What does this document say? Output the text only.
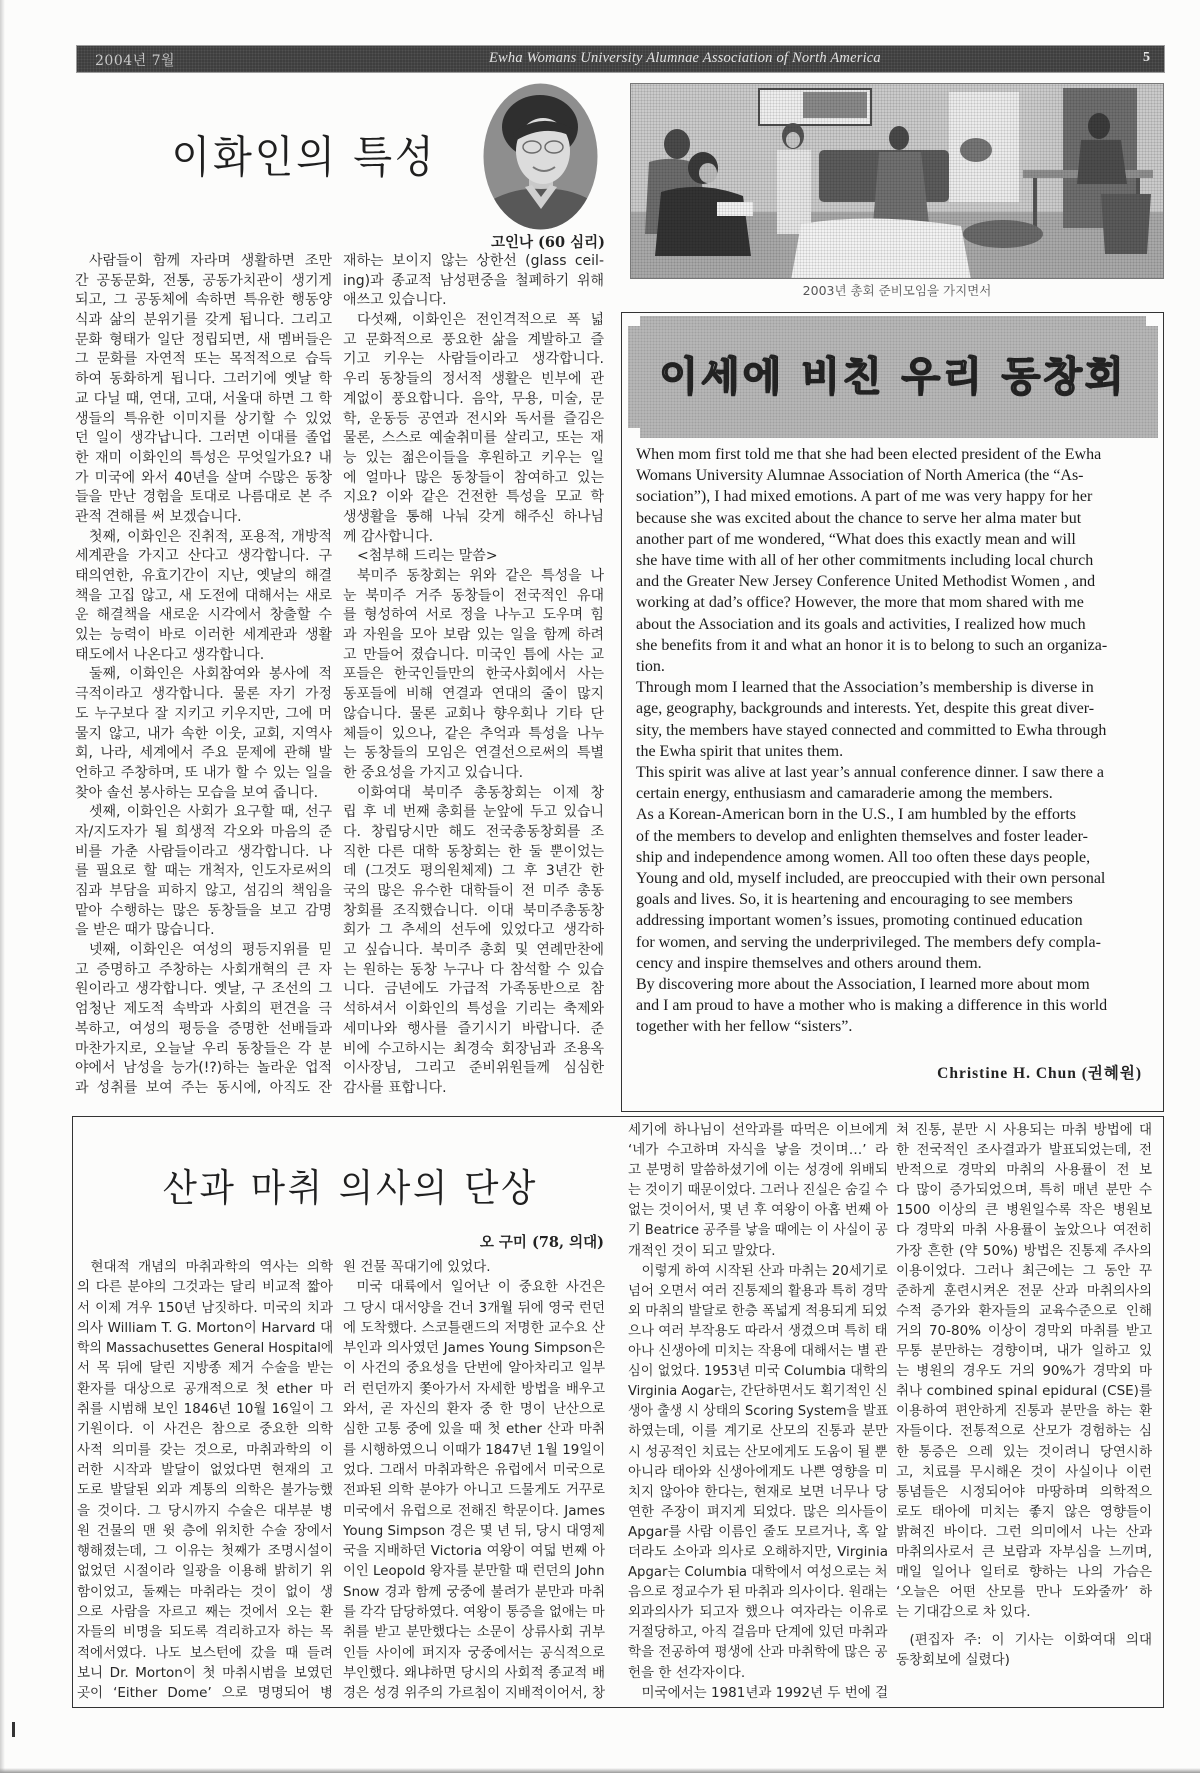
2004년 7월	Ewha Womans University Alumnae Association of North America	5
이화인의 특성
고인나 (60 심리)
사람들이 함께 자라며 생활하면 조만
간 공동문화, 전통, 공동가치관이 생기게
되고, 그 공동체에 속하면 특유한 행동양
식과 삶의 분위기를 갖게 됩니다. 그리고
문화 형태가 일단 정립되면, 새 멤버들은
그 문화를 자연적 또는 목적적으로 습득
하여 동화하게 됩니다. 그러기에 옛날 학
교 다닐 때, 연대, 고대, 서울대 하면 그 학
생들의 특유한 이미지를 상기할 수 있었
던 일이 생각납니다. 그러면 이대를 졸업
한 재미 이화인의 특성은 무엇일가요? 내
가 미국에 와서 40년을 살며 수많은 동창
들을 만난 경험을 토대로 나름대로 본 주
관적 견해를 써 보겠습니다.
첫째, 이화인은 진취적, 포용적, 개방적
세계관을 가지고 산다고 생각합니다. 구
태의연한, 유효기간이 지난, 옛날의 해결
책을 고집 않고, 새 도전에 대해서는 새로
운 해결책을 새로운 시각에서 창출할 수
있는 능력이 바로 이러한 세계관과 생활
태도에서 나온다고 생각합니다.
둘째, 이화인은 사회참여와 봉사에 적
극적이라고 생각합니다. 물론 자기 가정
도 누구보다 잘 지키고 키우지만, 그에 머
물지 않고, 내가 속한 이웃, 교회, 지역사
회, 나라, 세계에서 주요 문제에 관해 발
언하고 주창하며, 또 내가 할 수 있는 일을
찾아 솔선 봉사하는 모습을 보여 줍니다.
셋째, 이화인은 사회가 요구할 때, 선구
자/지도자가 될 희생적 각오와 마음의 준
비를 가춘 사람들이라고 생각합니다. 나
를 필요로 할 때는 개척자, 인도자로써의
짐과 부담을 피하지 않고, 섬김의 책임을
맡아 수행하는 많은 동창들을 보고 감명
을 받은 때가 많습니다.
넷째, 이화인은 여성의 평등지위를 믿
고 증명하고 주창하는 사회개혁의 큰 자
원이라고 생각합니다. 옛날, 구 조선의 그
엄청난 제도적 속박과 사회의 편견을 극
복하고, 여성의 평등을 증명한 선배들과
마찬가지로, 오늘날 우리 동창들은 각 분
야에서 남성을 능가(!?)하는 놀라운 업적
과 성취를 보여 주는 동시에, 아직도 잔
재하는 보이지 않는 상한선 (glass ceil-
ing)과 종교적 남성편중을 철폐하기 위해
애쓰고 있습니다.
다섯째, 이화인은 전인격적으로 폭 넓
고 문화적으로 풍요한 삶을 계발하고 즐
기고 키우는 사람들이라고 생각합니다.
우리 동창들의 정서적 생활은 빈부에 관
계없이 풍요합니다. 음악, 무용, 미술, 문
학, 운동등 공연과 전시와 독서를 즐김은
물론, 스스로 예술취미를 살리고, 또는 재
능 있는 젊은이들을 후원하고 키우는 일
에 얼마나 많은 동창들이 참여하고 있는
지요? 이와 같은 건전한 특성을 모교 학
생생활을 통해 나눠 갖게 해주신 하나님
께 감사합니다.
<첨부해 드리는 말씀>
북미주 동창회는 위와 같은 특성을 나
눈 북미주 거주 동창들이 전국적인 유대
를 형성하여 서로 정을 나누고 도우며 힘
과 자원을 모아 보람 있는 일을 함께 하려
고 만들어 졌습니다. 미국인 틈에 사는 교
포들은 한국인들만의 한국사회에서 사는
동포들에 비해 연결과 연대의 줄이 많지
않습니다. 물론 교회나 향우회나 기타 단
체들이 있으나, 같은 추억과 특성을 나누
는 동창들의 모임은 연결선으로써의 특별
한 중요성을 가지고 있습니다.
이화여대 북미주 총동창회는 이제 창
립 후 네 번째 총회를 눈앞에 두고 있습니
다. 창립당시만 해도 전국총동창회를 조
직한 다른 대학 동창회는 한 둘 뿐이었는
데 (그것도 평의원체제) 그 후 3년간 한
국의 많은 유수한 대학들이 전 미주 총동
창회를 조직했습니다. 이대 북미주총동창
회가 그 추세의 선두에 있었다고 생각하
고 싶습니다. 북미주 총회 및 연례만찬에
는 원하는 동창 누구나 다 참석할 수 있습
니다. 금년에도 가급적 가족동반으로 참
석하셔서 이화인의 특성을 기리는 축제와
세미나와 행사를 즐기시기 바랍니다. 준
비에 수고하시는 최경숙 회장님과 조용옥
이사장님, 그리고 준비위원들께 심심한
감사를 표합니다.
2003년 총회 준비모임을 가지면서
이세에 비친 우리 동창회
When mom first told me that she had been elected president of the Ewha
Womans University Alumnae Association of North America (the “As-
sociation”), I had mixed emotions. A part of me was very happy for her
because she was excited about the chance to serve her alma mater but
another part of me wondered, “What does this exactly mean and will
she have time with all of her other commitments including local church
and the Greater New Jersey Conference United Methodist Women , and
working at dad’s office? However, the more that mom shared with me
about the Association and its goals and activities, I realized how much
she benefits from it and what an honor it is to belong to such an organiza-
tion.
Through mom I learned that the Association’s membership is diverse in
age, geography, backgrounds and interests. Yet, despite this great diver-
sity, the members have stayed connected and committed to Ewha through
the Ewha spirit that unites them.
This spirit was alive at last year’s annual conference dinner. I saw there a
certain energy, enthusiasm and camaraderie among the members.
As a Korean-American born in the U.S., I am humbled by the efforts
of the members to develop and enlighten themselves and foster leader-
ship and independence among women. All too often these days people,
Young and old, myself included, are preoccupied with their own personal
goals and lives. So, it is heartening and encouraging to see members
addressing important women’s issues, promoting continued education
for women, and serving the underprivileged. The members defy compla-
cency and inspire themselves and others around them.
By discovering more about the Association, I learned more about mom
and I am proud to have a mother who is making a difference in this world
together with her fellow “sisters”.
Christine H. Chun (권혜원)
산과 마취 의사의 단상
오 구미 (78, 의대)
현대적 개념의 마취과학의 역사는 의학
의 다른 분야의 그것과는 달리 비교적 짧아
서 이제 겨우 150년 남짓하다. 미국의 치과
의사 William T. G. Morton이 Harvard 대
학의 Massachusettes General Hospital에
서 목 뒤에 달린 지방종 제거 수술을 받는
환자를 대상으로 공개적으로 첫 ether 마
취를 시범해 보인 1846년 10월 16일이 그
기원이다. 이 사건은 참으로 중요한 의학
사적 의미를 갖는 것으로, 마취과학의 이
러한 시작과 발달이 없었다면 현재의 고
도로 발달된 외과 계통의 의학은 불가능했
을 것이다. 그 당시까지 수술은 대부분 병
원 건물의 맨 윗 층에 위치한 수술 장에서
행해졌는데, 그 이유는 첫째가 조명시설이
없었던 시절이라 일광을 이용해 밝히기 위
함이었고, 둘째는 마취라는 것이 없이 생
으로 사람을 자르고 째는 것에서 오는 환
자들의 비명을 되도록 격리하고자 하는 목
적에서였다. 나도 보스턴에 갔을 때 들려
보니 Dr. Morton이 첫 마취시범을 보였던
곳이 ‘Either Dome’ 으로 명명되어 병
원 건물 꼭대기에 있었다.
미국 대륙에서 일어난 이 중요한 사건은
그 당시 대서양을 건너 3개월 뒤에 영국 런던
에 도착했다. 스코틀랜드의 저명한 교수요 산
부인과 의사였던 James Young Simpson은
이 사건의 중요성을 단번에 알아차리고 일부
러 런던까지 쫓아가서 자세한 방법을 배우고
와서, 곧 자신의 환자 중 한 명이 난산으로
심한 고통 중에 있을 때 첫 ether 산과 마취
를 시행하였으니 이때가 1847년 1월 19일이
었다. 그래서 마취과학은 유럽에서 미국으로
전파된 의학 분야가 아니고 드물게도 거꾸로
미국에서 유럽으로 전해진 학문이다. James
Young Simpson 경은 몇 년 뒤, 당시 대영제
국을 지배하던 Victoria 여왕이 여덟 번째 아
이인 Leopold 왕자를 분만할 때 런던의 John
Snow 경과 함께 궁중에 불려가 분만과 마취
를 각각 담당하였다. 여왕이 통증을 없애는 마
취를 받고 분만했다는 소문이 상류사회 귀부
인들 사이에 퍼지자 궁중에서는 공식적으로
부인했다. 왜냐하면 당시의 사회적 종교적 배
경은 성경 위주의 가르침이 지배적이어서, 창
세기에 하나님이 선악과를 따먹은 이브에게
‘네가 수고하며 자식을 낳을 것이며…’ 라
고 분명히 말씀하셨기에 이는 성경에 위배되
는 것이기 때문이었다. 그러나 진실은 숨길 수
없는 것이어서, 몇 년 후 여왕이 아홉 번째 아
기 Beatrice 공주를 낳을 때에는 이 사실이 공
개적인 것이 되고 말았다.
이렇게 하여 시작된 산과 마취는 20세기로
넘어 오면서 여러 진통제의 활용과 특히 경막
외 마취의 발달로 한층 폭넓게 적용되게 되었
으나 여러 부작용도 따라서 생겼으며 특히 태
아나 신생아에 미치는 작용에 대해서는 별 관
심이 없었다. 1953년 미국 Columbia 대학의
Virginia Aogar는, 간단하면서도 획기적인 신
생아 출생 시 상태의 Scoring System을 발표
하였는데, 이를 계기로 산모의 진통과 분만
시 성공적인 치료는 산모에게도 도움이 될 뿐
아니라 태아와 신생아에게도 나쁜 영향을 미
치지 않아야 한다는, 현재로 보면 너무나 당
연한 주장이 펴지게 되었다. 많은 의사들이
Apgar를 사람 이름인 줄도 모르거나, 혹 알
더라도 소아과 의사로 오해하지만, Virginia
Apgar는 Columbia 대학에서 여성으로는 처
음으로 정교수가 된 마취과 의사이다. 원래는
외과의사가 되고자 했으나 여자라는 이유로
거절당하고, 아직 걸음마 단계에 있던 마취과
학을 전공하여 평생에 산과 마취학에 많은 공
헌을 한 선각자이다.
미국에서는 1981년과 1992년 두 번에 걸
쳐 진통, 분만 시 사용되는 마취 방법에 대
한 전국적인 조사결과가 발표되었는데, 전
반적으로 경막외 마취의 사용률이 전 보
다 많이 증가되었으며, 특히 매년 분만 수
1500 이상의 큰 병원일수록 작은 병원보
다 경막외 마취 사용률이 높았으나 여전히
가장 흔한 (약 50%) 방법은 진통제 주사의
이용이었다. 그러나 최근에는 그 동안 꾸
준하게 훈련시켜온 전문 산과 마취의사의
수적 증가와 환자들의 교육수준으로 인해
거의 70-80% 이상이 경막외 마취를 받고
무통 분만하는 경향이며, 내가 일하고 있
는 병원의 경우도 거의 90%가 경막외 마
취나 combined spinal epidural (CSE)를
이용하여 편안하게 진통과 분만을 하는 환
자들이다. 전통적으로 산모가 경험하는 심
한 통증은 으레 있는 것이려니 당연시하
고, 치료를 무시해온 것이 사실이나 이런
통념들은 시정되어야 마땅하며 의학적으
로도 태아에 미치는 좋지 않은 영향들이
밝혀진 바이다. 그런 의미에서 나는 산과
마취의사로서 큰 보람과 자부심을 느끼며,
매일 일어나 일터로 향하는 나의 가슴은
‘오늘은 어떤 산모를 만나 도와줄까’ 하
는 기대감으로 차 있다.
(편집자 주: 이 기사는 이화여대 의대
동창회보에 실렸다)
